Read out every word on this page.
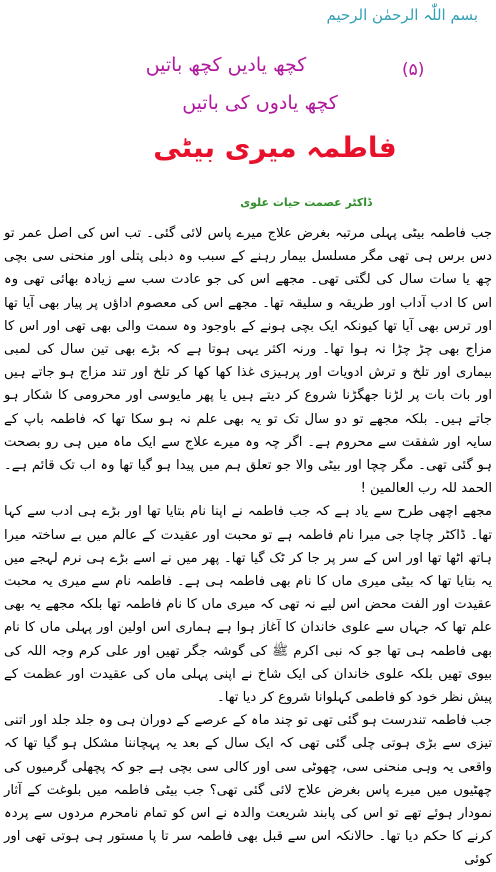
بسم اللّٰہ الرحمٰن الرحیم
(۵)
کچھ یادیں کچھ باتیں
کچھ یادوں کی باتیں
فاطمہ میری بیٹی
ڈاکٹر عصمت حیات علوی

جب فاطمہ بیٹی پہلی مرتبہ بغرض علاج میرے پاس لائی گئی۔ تب اس کی اصل عمر تو دس برس ہی تھی مگر مسلسل بیمار رہنے کے سبب وہ دبلی پتلی اور منحنی سی بچی چھ یا سات سال کی لگتی تھی۔ مجھے اس کی جو عادت سب سے زیادہ بھائی تھی وہ اس کا ادب آداب اور طریقہ و سلیقہ تھا۔ مجھے اس کی معصوم اداؤں پر پیار بھی آیا تھا اور ترس بھی آیا تھا کیونکہ ایک بچی ہونے کے باوجود وہ سمت والی بھی تھی اور اس کا مزاج بھی چڑ چڑا نہ ہوا تھا۔ ورنہ اکثر یہی ہوتا ہے کہ بڑے بھی تین سال کی لمبی بیماری اور تلخ و ترش ادویات اور پرہیزی غذا کھا کھا کر تلخ اور تند مزاج ہو جاتے ہیں اور بات بات پر لڑنا جھگڑنا شروع کر دیتے ہیں یا پھر مایوسی اور محرومی کا شکار ہو جاتے ہیں۔ بلکہ مجھے تو دو سال تک تو یہ بھی علم نہ ہو سکا تھا کہ فاطمہ باپ کے سایہ اور شفقت سے محروم ہے۔ اگر چہ وہ میرے علاج سے ایک ماہ میں ہی رو بصحت ہو گئی تھی۔ مگر چچا اور بیٹی والا جو تعلق ہم میں پیدا ہو گیا تھا وہ اب تک قائم ہے۔ الحمد للہ رب العالمین !

مجھے اچھی طرح سے یاد ہے کہ جب فاطمہ نے اپنا نام بتایا تھا اور بڑے ہی ادب سے کہا تھا۔ ڈاکٹر چاچا جی میرا نام فاطمہ ہے تو محبت اور عقیدت کے عالم میں بے ساختہ میرا ہاتھ اٹھا تھا اور اس کے سر پر جا کر ٹک گیا تھا۔ پھر میں نے اسے بڑے ہی نرم لہجے میں یہ بتایا تھا کہ بیٹی میری ماں کا نام بھی فاطمہ ہی ہے۔ فاطمہ نام سے میری یہ محبت عقیدت اور الفت محض اس لیے نہ تھی کہ میری ماں کا نام فاطمہ تھا بلکہ مجھے یہ بھی علم تھا کہ جہاں سے علوی خاندان کا آغاز ہوا ہے ہماری اس اولین اور پہلی ماں کا نام بھی فاطمہ ہی تھا جو کہ نبی اکرم ﷺ کی گوشہ جگر تھیں اور علی کرم وجہ اللہ کی بیوی تھیں بلکہ علوی خاندان کی ایک شاخ نے اپنی پہلی ماں کی عقیدت اور عظمت کے پیش نظر خود کو فاطمی کہلوانا شروع کر دیا تھا۔

جب فاطمہ تندرست ہو گئی تھی تو چند ماہ کے عرصے کے دوران ہی وہ جلد جلد اور اتنی تیزی سے بڑی ہوتی چلی گئی تھی کہ ایک سال کے بعد یہ پہچاننا مشکل ہو گیا تھا کہ واقعی یہ وہی منحنی سی، چھوٹی سی اور کالی سی بچی ہے جو کہ پچھلی گرمیوں کی چھٹیوں میں میرے پاس بغرض علاج لائی گئی تھی؟ جب بیٹی فاطمہ میں بلوغت کے آثار نمودار ہوئے تھے تو اس کی پابند شریعت والدہ نے اس کو تمام نامحرم مردوں سے پردہ کرنے کا حکم دیا تھا۔ حالانکہ اس سے قبل بھی فاطمہ سر تا پا مستور ہی ہوتی تھی اور کوئی
